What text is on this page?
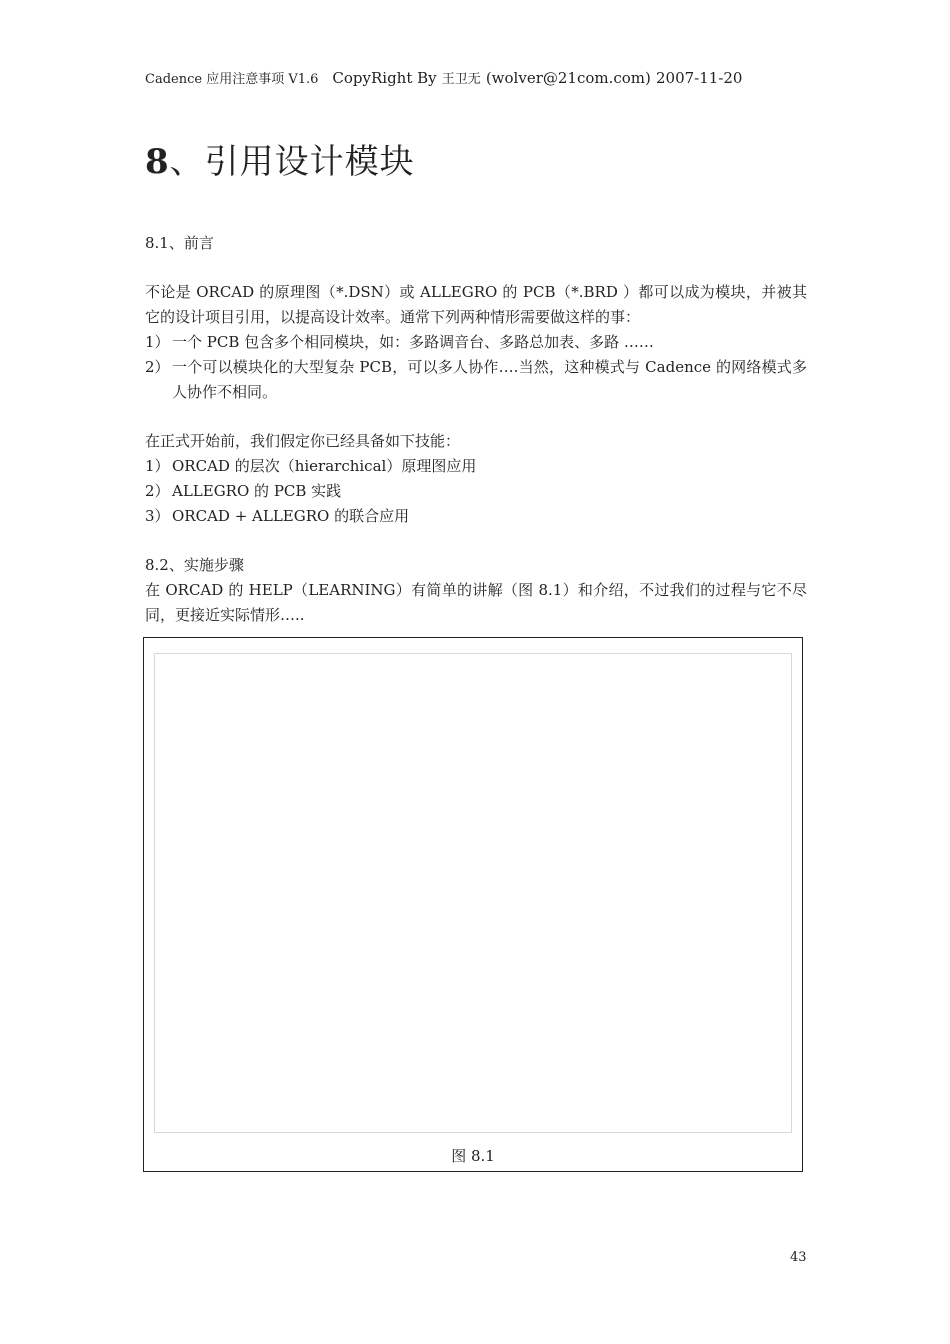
Cadence 应用注意事项 V1.6 CopyRight By 王卫无 (wolver@21com.com) 2007-11-20
8、引用设计模块
8.1、前言
不论是 ORCAD 的原理图（*.DSN）或 ALLEGRO 的 PCB（*.BRD ）都可以成为模块，并被其它的设计项目引用，以提高设计效率。通常下列两种情形需要做这样的事：
1） 一个 PCB 包含多个相同模块，如：多路调音台、多路总加表、多路 ……
2） 一个可以模块化的大型复杂 PCB，可以多人协作….当然，这种模式与 Cadence 的网络模式多人协作不相同。
在正式开始前，我们假定你已经具备如下技能：
1） ORCAD 的层次（hierarchical）原理图应用
2） ALLEGRO 的 PCB 实践
3） ORCAD + ALLEGRO 的联合应用
8.2、实施步骤
在 ORCAD 的 HELP（LEARNING）有简单的讲解（图 8.1）和介绍，不过我们的过程与它不尽同，更接近实际情形…..
图 8.1
43
